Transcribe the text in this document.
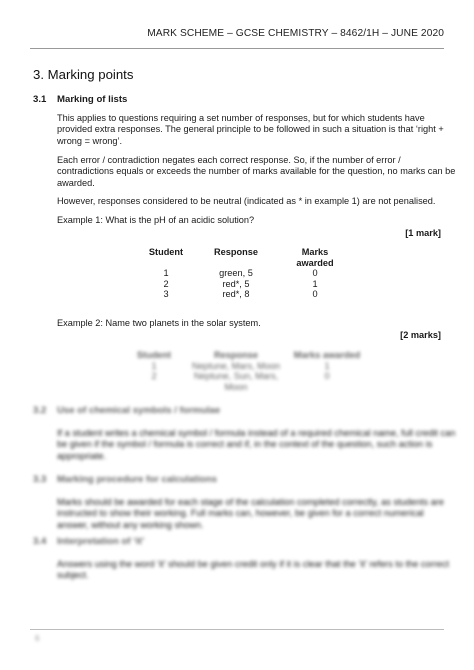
MARK SCHEME – GCSE CHEMISTRY – 8462/1H – JUNE 2020
3. Marking points
3.1 Marking of lists
This applies to questions requiring a set number of responses, but for which students have
provided extra responses. The general principle to be followed in such a situation is that ‘right +
wrong = wrong’.
Each error / contradiction negates each correct response. So, if the number of error /
contradictions equals or exceeds the number of marks available for the question, no marks can be
awarded.
However, responses considered to be neutral (indicated as * in example 1) are not penalised.
Example 1: What is the pH of an acidic solution?
[1 mark]
Student	Response	Marks awarded
1	green, 5	0
2	red*, 5	1
3	red*, 8	0
Example 2: Name two planets in the solar system.
[2 marks]
Student	Response	Marks awarded
1	Neptune, Mars, Moon	1
2	Neptune, Sun, Mars, Moon	0
3.2 Use of chemical symbols / formulae
If a student writes a chemical symbol / formula instead of a required chemical name, full credit can
be given if the symbol / formula is correct and if, in the context of the question, such action is
appropriate.
3.3 Marking procedure for calculations
Marks should be awarded for each stage of the calculation completed correctly, as students are
instructed to show their working. Full marks can, however, be given for a correct numerical
answer, without any working shown.
3.4 Interpretation of ‘it’
Answers using the word ‘it’ should be given credit only if it is clear that the ‘it’ refers to the correct
subject.
6
